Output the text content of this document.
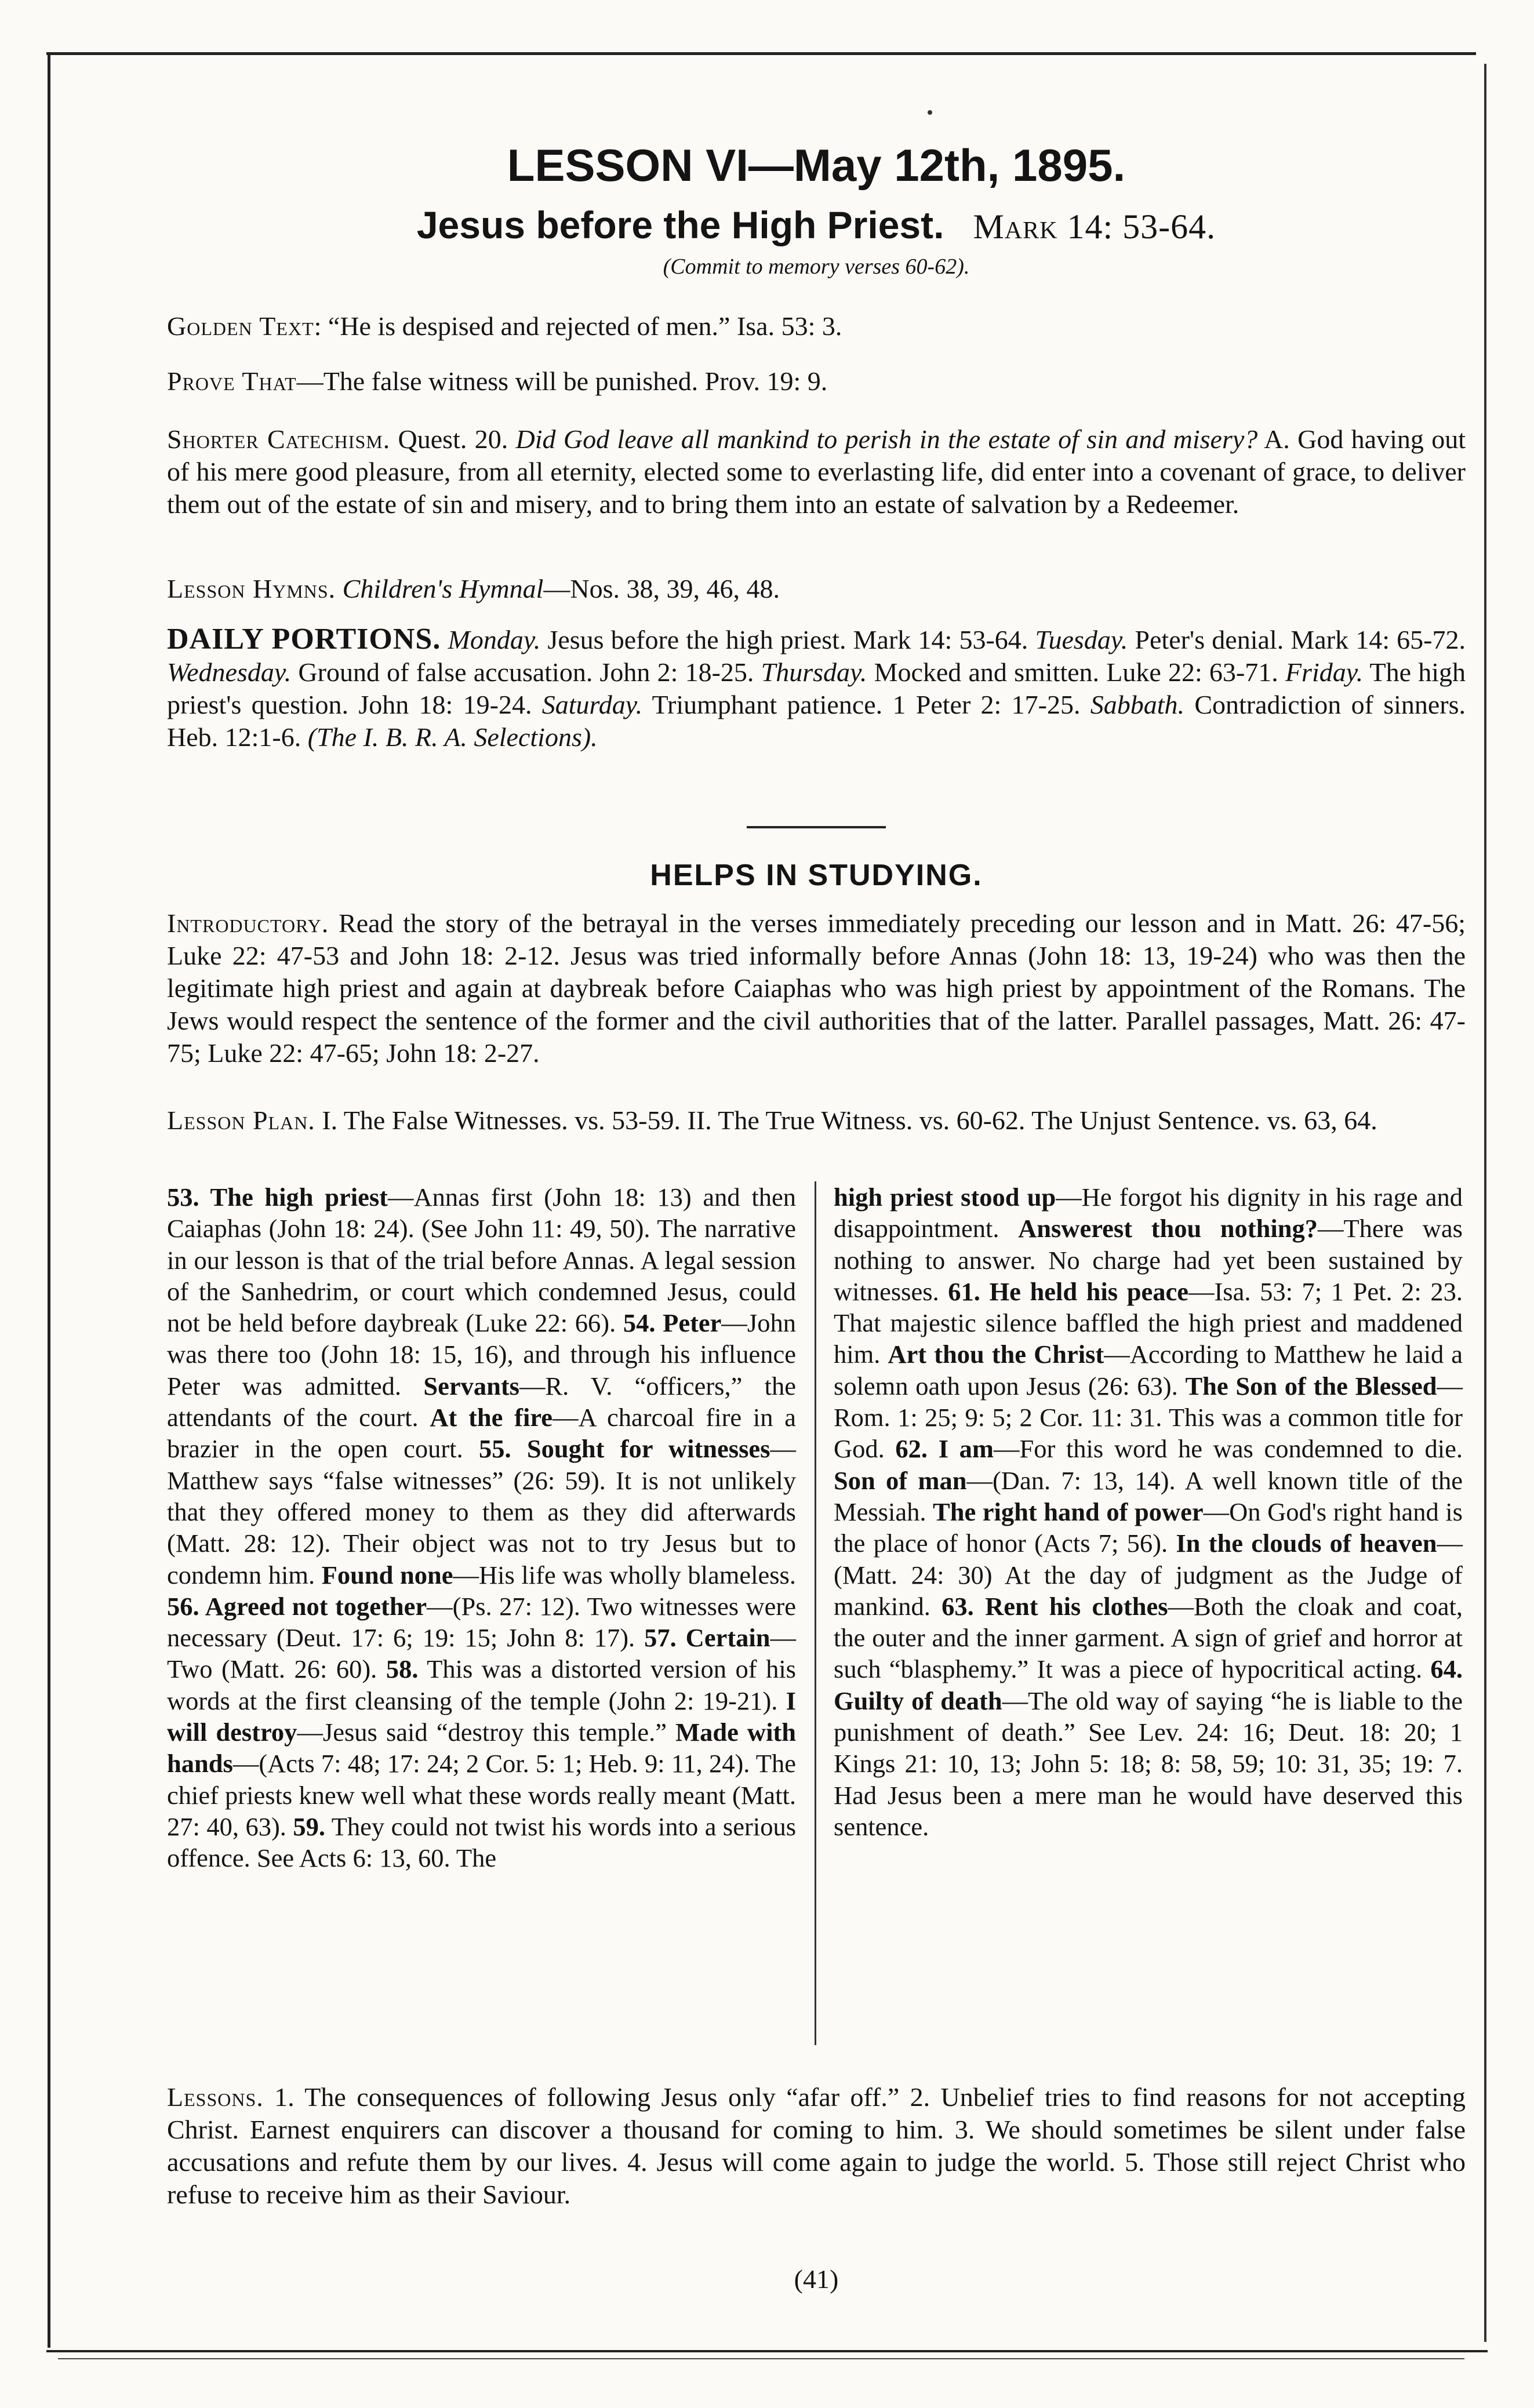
LESSON VI—May 12th, 1895.
Jesus before the High Priest. Mark 14: 53-64.
(Commit to memory verses 60-62).
Golden Text: “He is despised and rejected of men.” Isa. 53: 3.
Prove That—The false witness will be punished. Prov. 19: 9.
Shorter Catechism. Quest. 20. Did God leave all mankind to perish in the estate of sin and misery? A. God having out of his mere good pleasure, from all eternity, elected some to everlasting life, did enter into a covenant of grace, to deliver them out of the estate of sin and misery, and to bring them into an estate of salvation by a Redeemer.
Lesson Hymns. Children's Hymnal—Nos. 38, 39, 46, 48.
DAILY PORTIONS. Monday. Jesus before the high priest. Mark 14: 53-64. Tuesday. Peter's denial. Mark 14: 65-72. Wednesday. Ground of false accusation. John 2: 18-25. Thursday. Mocked and smitten. Luke 22: 63-71. Friday. The high priest's question. John 18: 19-24. Saturday. Triumphant patience. 1 Peter 2: 17-25. Sabbath. Contradiction of sinners. Heb. 12:1-6. (The I. B. R. A. Selections).
HELPS IN STUDYING.
Introductory. Read the story of the betrayal in the verses immediately preceding our lesson and in Matt. 26: 47-56; Luke 22: 47-53 and John 18: 2-12. Jesus was tried informally before Annas (John 18: 13, 19-24) who was then the legitimate high priest and again at daybreak before Caiaphas who was high priest by appointment of the Romans. The Jews would respect the sentence of the former and the civil authorities that of the latter. Parallel passages, Matt. 26: 47-75; Luke 22: 47-65; John 18: 2-27.
Lesson Plan. I. The False Witnesses. vs. 53-59. II. The True Witness. vs. 60-62. The Unjust Sentence. vs. 63, 64.
53. The high priest—Annas first (John 18: 13) and then Caiaphas (John 18: 24). (See John 11: 49, 50). The narrative in our lesson is that of the trial before Annas. A legal session of the Sanhedrim, or court which condemned Jesus, could not be held before daybreak (Luke 22: 66). 54. Peter—John was there too (John 18: 15, 16), and through his influence Peter was admitted. Servants—R. V. “officers,” the attendants of the court. At the fire—A charcoal fire in a brazier in the open court. 55. Sought for witnesses—Matthew says “false witnesses” (26: 59). It is not unlikely that they offered money to them as they did afterwards (Matt. 28: 12). Their object was not to try Jesus but to condemn him. Found none—His life was wholly blameless. 56. Agreed not together—(Ps. 27: 12). Two witnesses were necessary (Deut. 17: 6; 19: 15; John 8: 17). 57. Certain—Two (Matt. 26: 60). 58. This was a distorted version of his words at the first cleansing of the temple (John 2: 19-21). I will destroy—Jesus said “destroy this temple.” Made with hands—(Acts 7: 48; 17: 24; 2 Cor. 5: 1; Heb. 9: 11, 24). The chief priests knew well what these words really meant (Matt. 27: 40, 63). 59. They could not twist his words into a serious offence. See Acts 6: 13, 60. The
high priest stood up—He forgot his dignity in his rage and disappointment. Answerest thou nothing?—There was nothing to answer. No charge had yet been sustained by witnesses. 61. He held his peace—Isa. 53: 7; 1 Pet. 2: 23. That majestic silence baffled the high priest and maddened him. Art thou the Christ—According to Matthew he laid a solemn oath upon Jesus (26: 63). The Son of the Blessed—Rom. 1: 25; 9: 5; 2 Cor. 11: 31. This was a common title for God. 62. I am—For this word he was condemned to die. Son of man—(Dan. 7: 13, 14). A well known title of the Messiah. The right hand of power—On God's right hand is the place of honor (Acts 7; 56). In the clouds of heaven—(Matt. 24: 30) At the day of judgment as the Judge of mankind. 63. Rent his clothes—Both the cloak and coat, the outer and the inner garment. A sign of grief and horror at such “blasphemy.” It was a piece of hypocritical acting. 64. Guilty of death—The old way of saying “he is liable to the punishment of death.” See Lev. 24: 16; Deut. 18: 20; 1 Kings 21: 10, 13; John 5: 18; 8: 58, 59; 10: 31, 35; 19: 7. Had Jesus been a mere man he would have deserved this sentence.
Lessons. 1. The consequences of following Jesus only “afar off.” 2. Unbelief tries to find reasons for not accepting Christ. Earnest enquirers can discover a thousand for coming to him. 3. We should sometimes be silent under false accusations and refute them by our lives. 4. Jesus will come again to judge the world. 5. Those still reject Christ who refuse to receive him as their Saviour.
(41)
